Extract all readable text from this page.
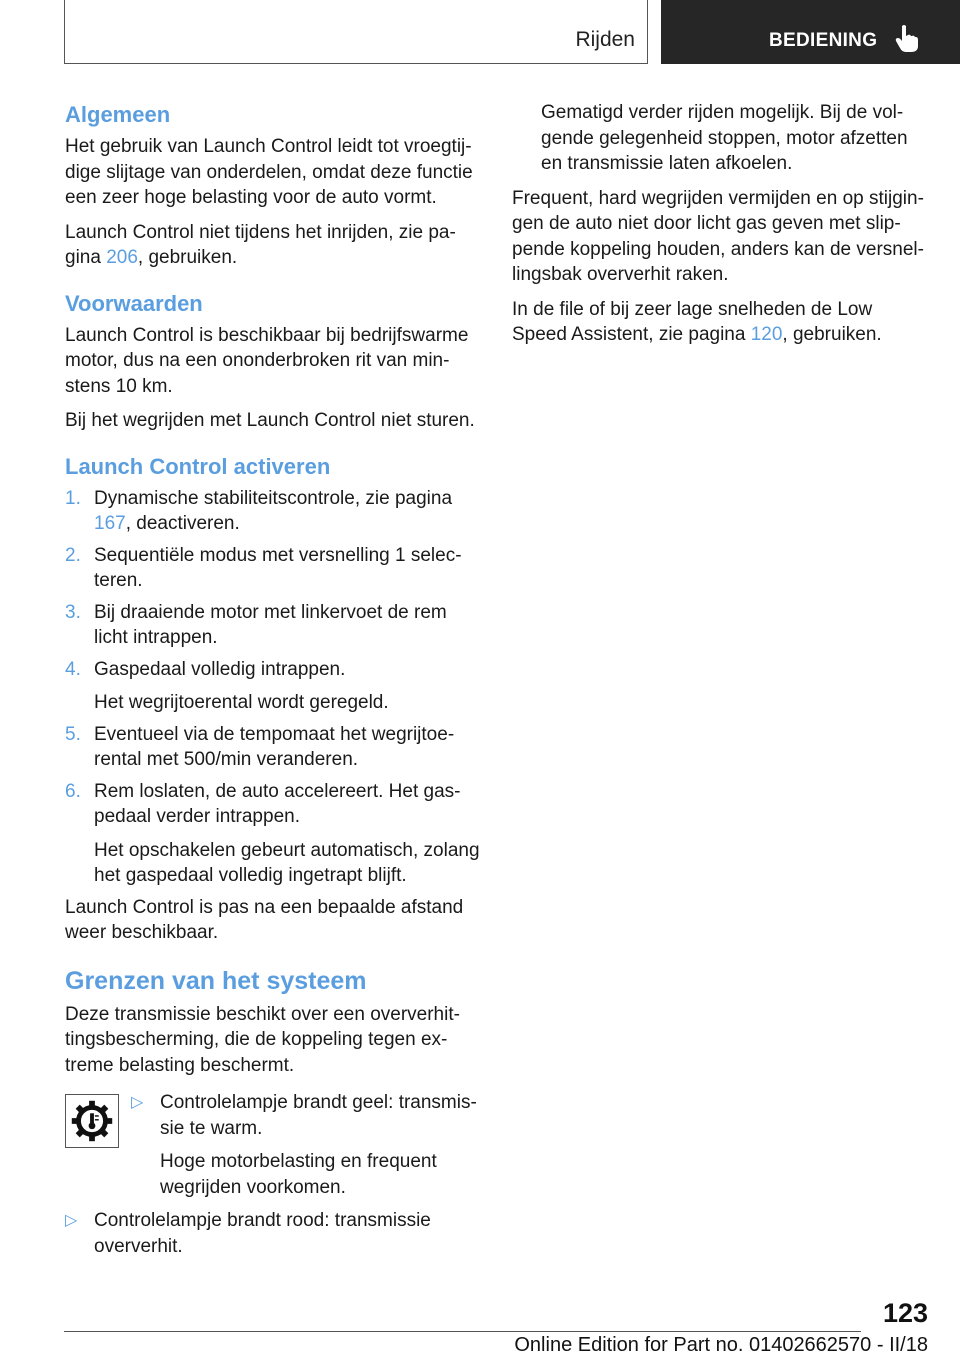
Rijden	BEDIENING
Algemeen

Het gebruik van Launch Control leidt tot vroegtijdige slijtage van onderdelen, omdat deze functie een zeer hoge belasting voor de auto vormt.

Launch Control niet tijdens het inrijden, zie pagina 206, gebruiken.

Voorwaarden

Launch Control is beschikbaar bij bedrijfswarme motor, dus na een ononderbroken rit van minstens 10 km.

Bij het wegrijden met Launch Control niet sturen.

Launch Control activeren
1. Dynamische stabiliteitscontrole, zie pagina 167, deactiveren.
2. Sequentiële modus met versnelling 1 selecteren.
3. Bij draaiende motor met linkervoet de rem licht intrappen.
4. Gaspedaal volledig intrappen.
Het wegrijtoerental wordt geregeld.
5. Eventueel via de tempomaat het wegrijtoerental met 500/min veranderen.
6. Rem loslaten, de auto accelereert. Het gaspedaal verder intrappen.
Het opschakelen gebeurt automatisch, zolang het gaspedaal volledig ingetrapt blijft.

Launch Control is pas na een bepaalde afstand weer beschikbaar.

Grenzen van het systeem

Deze transmissie beschikt over een oververhittingsbescherming, die de koppeling tegen extreme belasting beschermt.

▷ Controlelampje brandt geel: transmissie te warm.
Hoge motorbelasting en frequent wegrijden voorkomen.
▷ Controlelampje brandt rood: transmissie oververhit.

Gematigd verder rijden mogelijk. Bij de volgende gelegenheid stoppen, motor afzetten en transmissie laten afkoelen.

Frequent, hard wegrijden vermijden en op stijgingen de auto niet door licht gas geven met slippende koppeling houden, anders kan de versnellingsbak oververhit raken.

In de file of bij zeer lage snelheden de Low Speed Assistent, zie pagina 120, gebruiken.

123
Online Edition for Part no. 01402662570 - II/18
